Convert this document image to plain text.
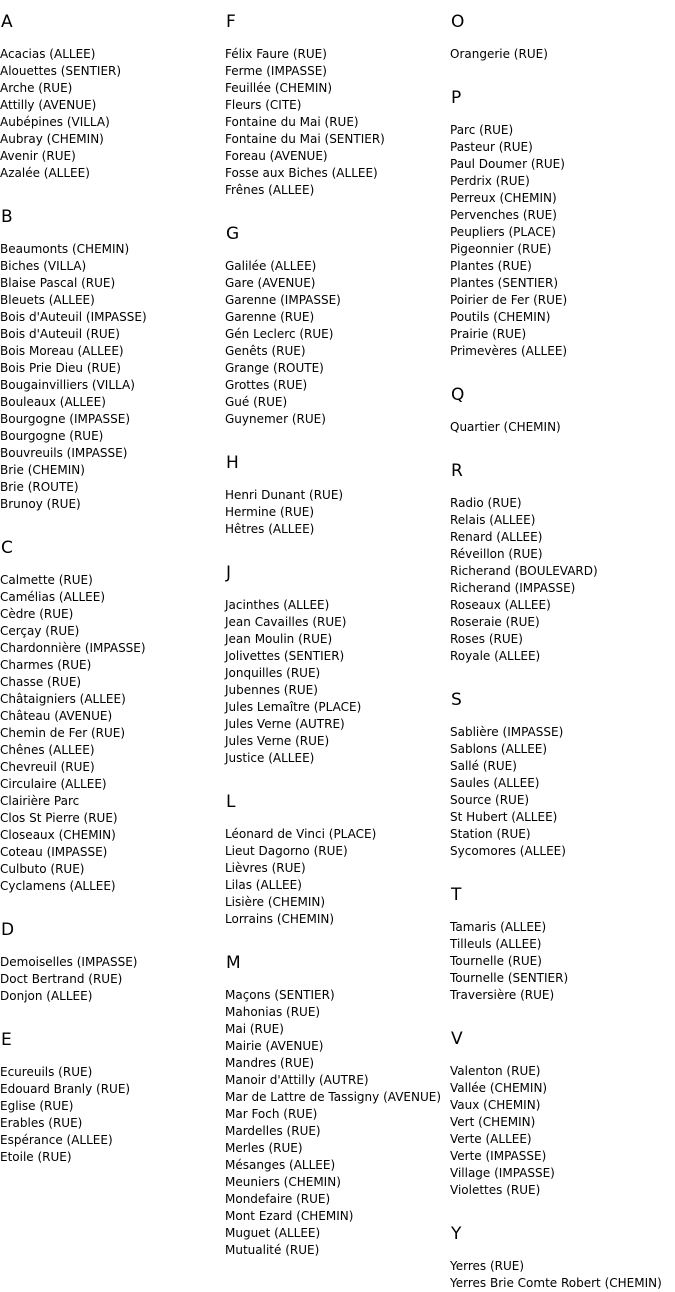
A
Acacias (ALLEE)
Alouettes (SENTIER)
Arche (RUE)
Attilly (AVENUE)
Aubépines (VILLA)
Aubray (CHEMIN)
Avenir (RUE)
Azalée (ALLEE)
B
Beaumonts (CHEMIN)
Biches (VILLA)
Blaise Pascal (RUE)
Bleuets (ALLEE)
Bois d'Auteuil (IMPASSE)
Bois d'Auteuil (RUE)
Bois Moreau (ALLEE)
Bois Prie Dieu (RUE)
Bougainvilliers (VILLA)
Bouleaux (ALLEE)
Bourgogne (IMPASSE)
Bourgogne (RUE)
Bouvreuils (IMPASSE)
Brie (CHEMIN)
Brie (ROUTE)
Brunoy (RUE)
C
Calmette (RUE)
Camélias (ALLEE)
Cèdre (RUE)
Cerçay (RUE)
Chardonnière (IMPASSE)
Charmes (RUE)
Chasse (RUE)
Châtaigniers (ALLEE)
Château (AVENUE)
Chemin de Fer (RUE)
Chênes (ALLEE)
Chevreuil (RUE)
Circulaire (ALLEE)
Clairière Parc
Clos St Pierre (RUE)
Closeaux (CHEMIN)
Coteau (IMPASSE)
Culbuto (RUE)
Cyclamens (ALLEE)
D
Demoiselles (IMPASSE)
Doct Bertrand (RUE)
Donjon (ALLEE)
E
Ecureuils (RUE)
Edouard Branly (RUE)
Eglise (RUE)
Erables (RUE)
Espérance (ALLEE)
Etoile (RUE)
F
Félix Faure (RUE)
Ferme (IMPASSE)
Feuillée (CHEMIN)
Fleurs (CITE)
Fontaine du Mai (RUE)
Fontaine du Mai (SENTIER)
Foreau (AVENUE)
Fosse aux Biches (ALLEE)
Frênes (ALLEE)
G
Galilée (ALLEE)
Gare (AVENUE)
Garenne (IMPASSE)
Garenne (RUE)
Gén Leclerc (RUE)
Genêts (RUE)
Grange (ROUTE)
Grottes (RUE)
Gué (RUE)
Guynemer (RUE)
H
Henri Dunant (RUE)
Hermine (RUE)
Hêtres (ALLEE)
J
Jacinthes (ALLEE)
Jean Cavailles (RUE)
Jean Moulin (RUE)
Jolivettes (SENTIER)
Jonquilles (RUE)
Jubennes (RUE)
Jules Lemaître (PLACE)
Jules Verne (AUTRE)
Jules Verne (RUE)
Justice (ALLEE)
L
Léonard de Vinci (PLACE)
Lieut Dagorno (RUE)
Lièvres (RUE)
Lilas (ALLEE)
Lisière (CHEMIN)
Lorrains (CHEMIN)
M
Maçons (SENTIER)
Mahonias (RUE)
Mai (RUE)
Mairie (AVENUE)
Mandres (RUE)
Manoir d'Attilly (AUTRE)
Mar de Lattre de Tassigny (AVENUE)
Mar Foch (RUE)
Mardelles (RUE)
Merles (RUE)
Mésanges (ALLEE)
Meuniers (CHEMIN)
Mondefaire (RUE)
Mont Ezard (CHEMIN)
Muguet (ALLEE)
Mutualité (RUE)
O
Orangerie (RUE)
P
Parc (RUE)
Pasteur (RUE)
Paul Doumer (RUE)
Perdrix (RUE)
Perreux (CHEMIN)
Pervenches (RUE)
Peupliers (PLACE)
Pigeonnier (RUE)
Plantes (RUE)
Plantes (SENTIER)
Poirier de Fer (RUE)
Poutils (CHEMIN)
Prairie (RUE)
Primevères (ALLEE)
Q
Quartier (CHEMIN)
R
Radio (RUE)
Relais (ALLEE)
Renard (ALLEE)
Réveillon (RUE)
Richerand (BOULEVARD)
Richerand (IMPASSE)
Roseaux (ALLEE)
Roseraie (RUE)
Roses (RUE)
Royale (ALLEE)
S
Sablière (IMPASSE)
Sablons (ALLEE)
Sallé (RUE)
Saules (ALLEE)
Source (RUE)
St Hubert (ALLEE)
Station (RUE)
Sycomores (ALLEE)
T
Tamaris (ALLEE)
Tilleuls (ALLEE)
Tournelle (RUE)
Tournelle (SENTIER)
Traversière (RUE)
V
Valenton (RUE)
Vallée (CHEMIN)
Vaux (CHEMIN)
Vert (CHEMIN)
Verte (ALLEE)
Verte (IMPASSE)
Village (IMPASSE)
Violettes (RUE)
Y
Yerres (RUE)
Yerres Brie Comte Robert (CHEMIN)
